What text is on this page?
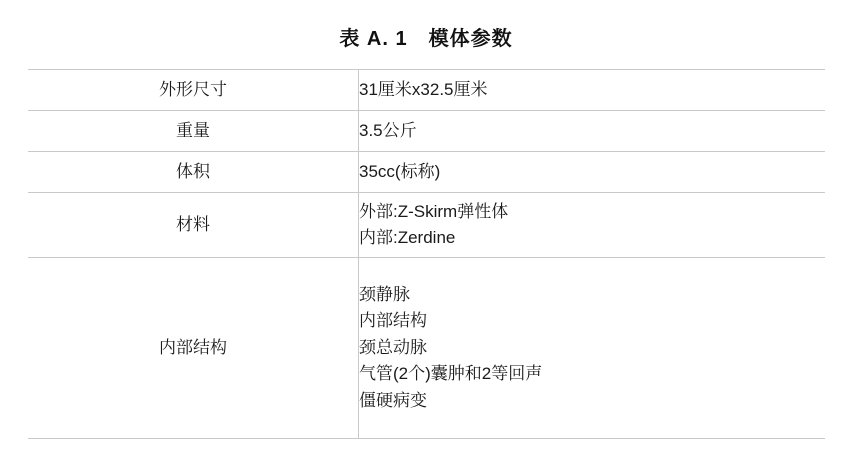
表 A. 1　模体参数
外形尺寸	31厘米x32.5厘米

重量	3.5公斤

体积	35cc(标称)

材料	外部:Z-Skirm弹性体
内部:Zerdine

内部结构	颈静脉
内部结构
颈总动脉
气管(2个)囊肿和2等回声
僵硬病变
